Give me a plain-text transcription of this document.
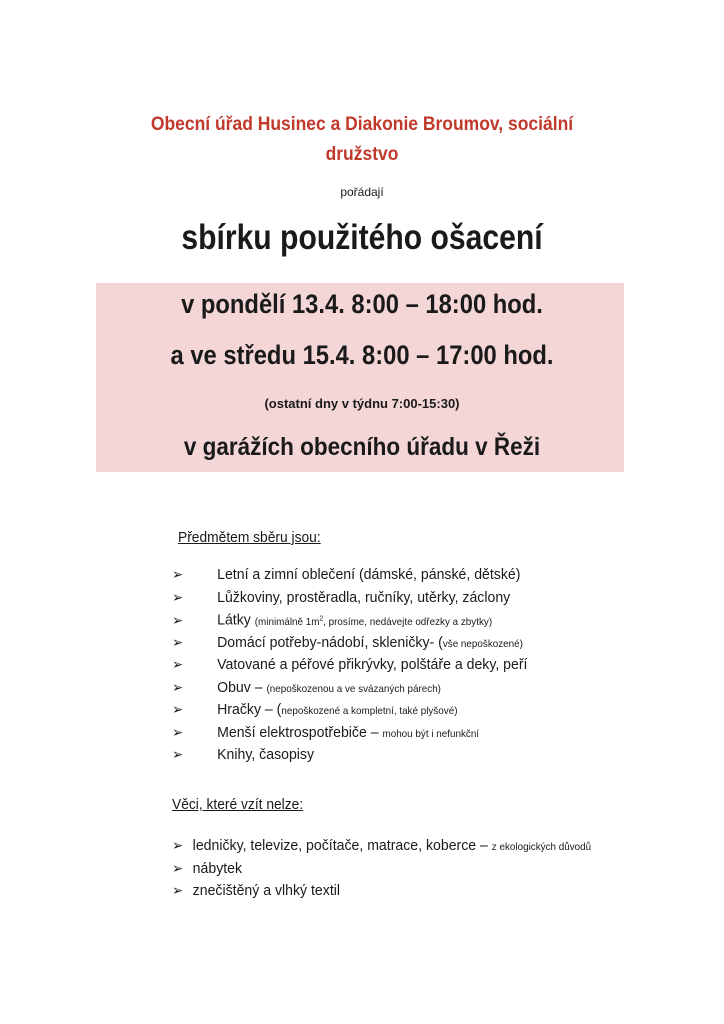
Obecní úřad Husinec a Diakonie Broumov, sociální
družstvo
pořádají
sbírku použitého ošacení
v pondělí 13.4. 8:00 – 18:00 hod.
a ve středu 15.4. 8:00 – 17:00 hod.
(ostatní dny v týdnu 7:00-15:30)
v garážích obecního úřadu v Řeži
Předmětem sběru jsou:
➢ Letní a zimní oblečení (dámské, pánské, dětské)
➢ Lůžkoviny, prostěradla, ručníky, utěrky, záclony
➢ Látky (minimálně $1m^2$, prosíme, nedávejte odřezky a zbytky)
➢ Domácí potřeby-nádobí, skleničky- (vše nepoškozené)
➢ Vatované a péřové přikrývky, polštáře a deky, peří
➢ Obuv – (nepoškozenou a ve svázaných párech)
➢ Hračky – (nepoškozené a kompletní, také plyšové)
➢ Menší elektrospotřebiče – mohou být i nefunkční
➢ Knihy, časopisy
Věci, které vzít nelze:
➢ ledničky, televize, počítače, matrace, koberce – z ekologických důvodů
➢ nábytek
➢ znečištěný a vlhký textil
